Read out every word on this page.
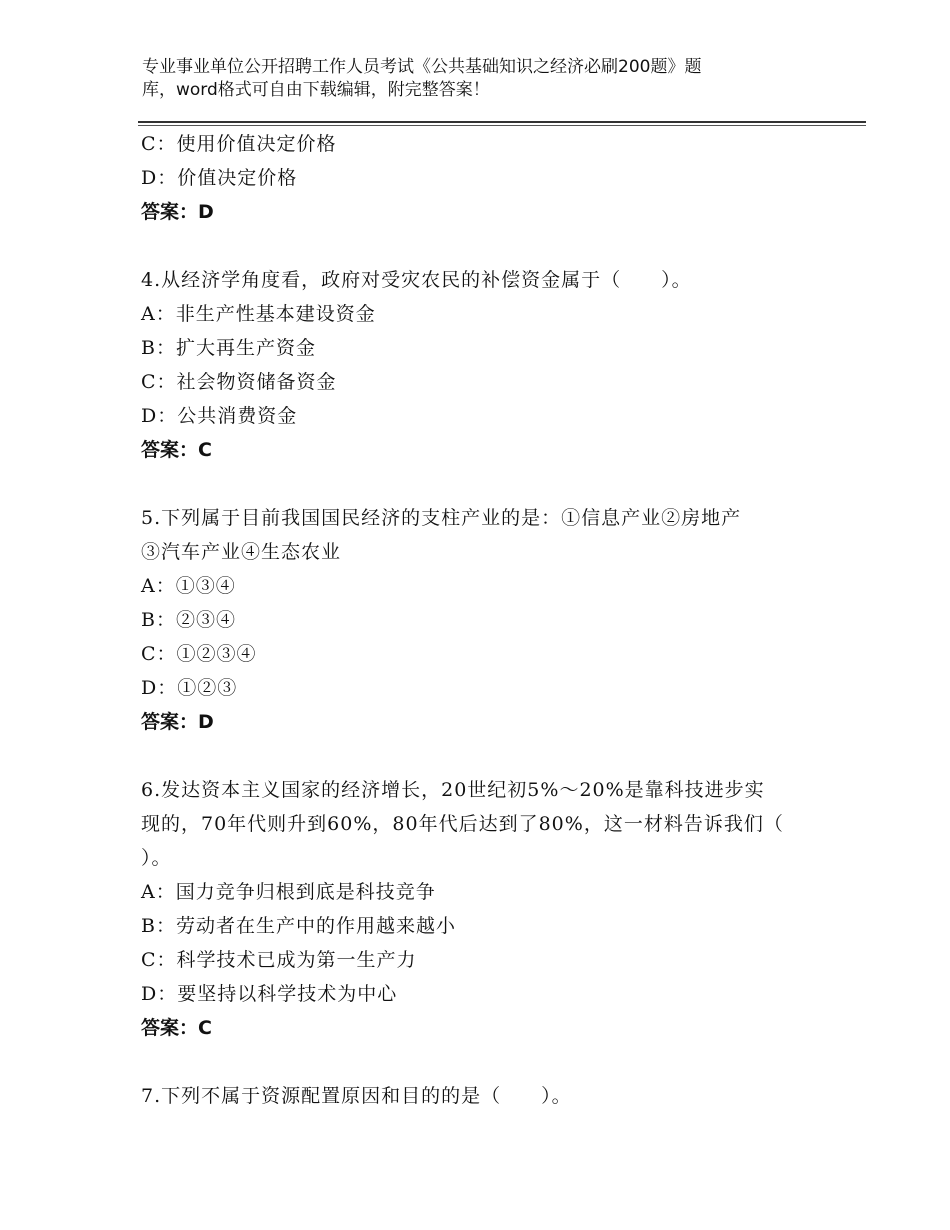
专业事业单位公开招聘工作人员考试《公共基础知识之经济必刷200题》题
库，word格式可自由下载编辑，附完整答案！
C：使用价值决定价格
D：价值决定价格
答案：D
4.从经济学角度看，政府对受灾农民的补偿资金属于（　　）。
A：非生产性基本建设资金
B：扩大再生产资金
C：社会物资储备资金
D：公共消费资金
答案：C
5.下列属于目前我国国民经济的支柱产业的是：①信息产业②房地产
③汽车产业④生态农业
A：①③④
B：②③④
C：①②③④
D：①②③
答案：D
6.发达资本主义国家的经济增长，20世纪初5%～20%是靠科技进步实
现的，70年代则升到60%，80年代后达到了80%，这一材料告诉我们（
）。
A：国力竞争归根到底是科技竞争
B：劳动者在生产中的作用越来越小
C：科学技术已成为第一生产力
D：要坚持以科学技术为中心
答案：C
7.下列不属于资源配置原因和目的的是（　　）。
